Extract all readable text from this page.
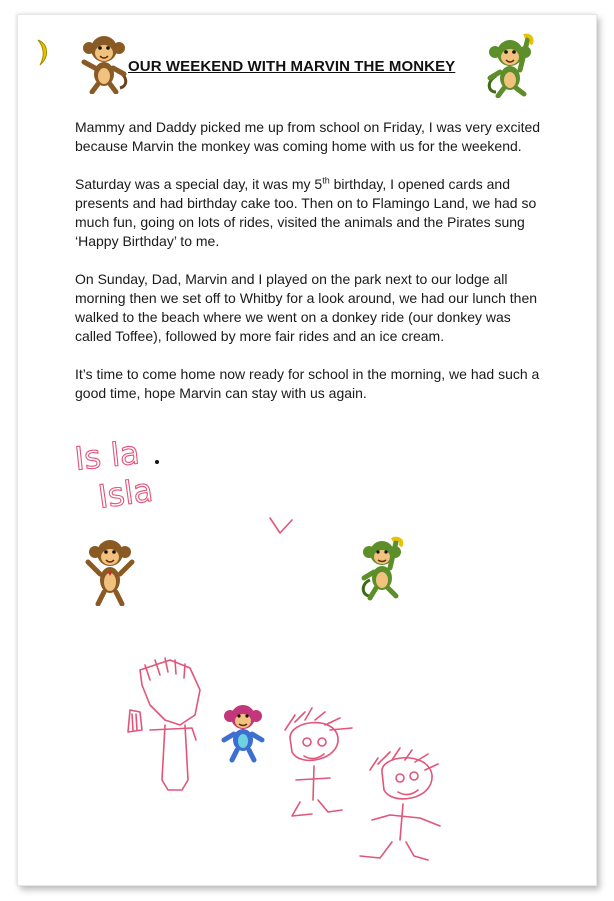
OUR WEEKEND WITH MARVIN THE MONKEY

Mammy and Daddy picked me up from school on Friday, I was very excited because Marvin the monkey was coming home with us for the weekend.

Saturday was a special day, it was my 5th birthday, I opened cards and presents and had birthday cake too. Then on to Flamingo Land, we had so much fun, going on lots of rides, visited the animals and the Pirates sung ‘Happy Birthday’ to me.

On Sunday, Dad, Marvin and I played on the park next to our lodge all morning then we set off to Whitby for a look around, we had our lunch then walked to the beach where we went on a donkey ride (our donkey was called Toffee), followed by more fair rides and an ice cream.

It’s time to come home now ready for school in the morning, we had such a good time, hope Marvin can stay with us again.

Is la
Isla
